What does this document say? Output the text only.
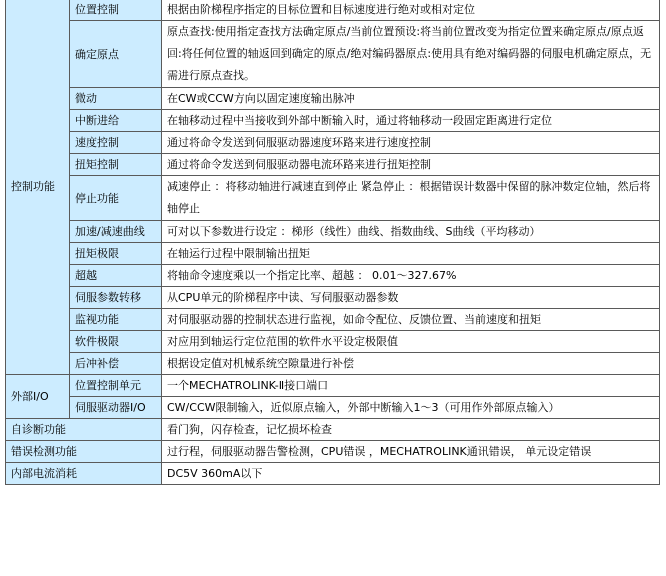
控制功能	位置控制	根据由阶梯程序指定的目标位置和目标速度进行绝对或相对定位
	确定原点	原点查找:使用指定查找方法确定原点/当前位置预设:将当前位置改变为指定位置来确定原点/原点返回:将任何位置的轴返回到确定的原点/绝对编码器原点:使用具有绝对编码器的伺服电机确定原点，无需进行原点查找。
	微动	在CW或CCW方向以固定速度输出脉冲
	中断进给	在轴移动过程中当接收到外部中断输入时，通过将轴移动一段固定距离进行定位
	速度控制	通过将命令发送到伺服驱动器速度环路来进行速度控制
	扭矩控制	通过将命令发送到伺服驱动器电流环路来进行扭矩控制
	停止功能	减速停止 ：将移动轴进行减速直到停止 紧急停止 ：根据错误计数器中保留的脉冲数定位轴，然后将轴停止
	加速/减速曲线	可对以下参数进行设定 ：梯形（线性）曲线、指数曲线、S曲线（平均移动）
	扭矩极限	在轴运行过程中限制输出扭矩
	超越	将轴命令速度乘以一个指定比率、超越 ： 0.01～327.67%
	伺服参数转移	从CPU单元的阶梯程序中读、写伺服驱动器参数
	监视功能	对伺服驱动器的控制状态进行监视，如命令配位、反馈位置、当前速度和扭矩
	软件极限	对应用到轴运行定位范围的软件水平设定极限值
	后冲补偿	根据设定值对机械系统空隙量进行补偿
外部I/O	位置控制单元	一个MECHATROLINK-Ⅱ接口端口
	伺服驱动器I/O	CW/CCW限制输入，近似原点输入，外部中断输入1～3（可用作外部原点输入）
自诊断功能		看门狗，闪存检查，记忆损坏检查
错误检测功能		过行程，伺服驱动器告警检测，CPU错误 ，MECHATROLINK通讯错误， 单元设定错误
内部电流消耗		DC5V 360mA以下
